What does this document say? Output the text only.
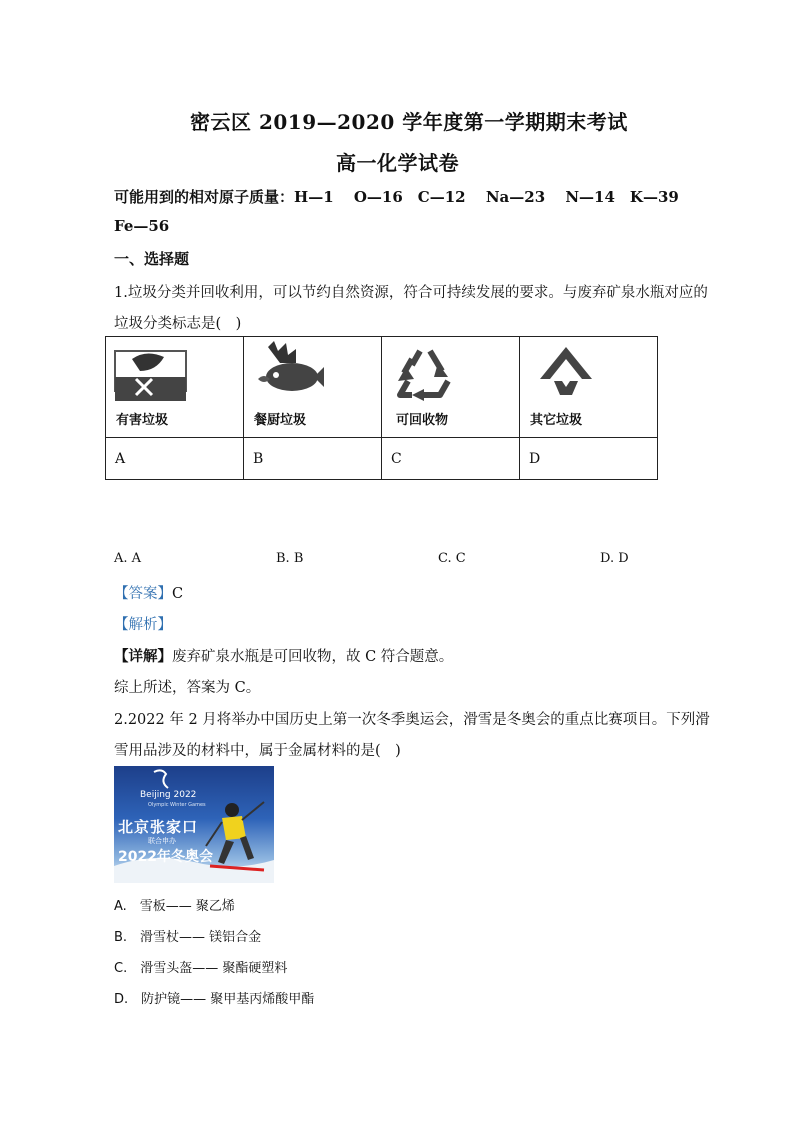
密云区 2019—2020 学年度第一学期期末考试
高一化学试卷
可能用到的相对原子质量：H—1　 O—16　C—12　 Na—23　 N—14　K—39
Fe—56
一、选择题
1.垃圾分类并回收利用，可以节约自然资源，符合可持续发展的要求。与废弃矿泉水瓶对应的
垃圾分类标志是(　)
有害垃圾	餐厨垃圾	可回收物	其它垃圾

A	B	C	D
A. A	B. B	C. C	D. D
【答案】C
【解析】
【详解】废弃矿泉水瓶是可回收物，故 C 符合题意。
综上所述，答案为 C。
2.2022 年 2 月将举办中国历史上第一次冬季奥运会，滑雪是冬奥会的重点比赛项目。下列滑
雪用品涉及的材料中，属于金属材料的是(　)
Beijing 2022
Olympic Winter Games
北京张家口
联合申办
2022年冬奥会
A.　雪板—— 聚乙烯
B.　滑雪杖—— 镁铝合金
C.　滑雪头盔—— 聚酯硬塑料
D.　防护镜—— 聚甲基丙烯酸甲酯
